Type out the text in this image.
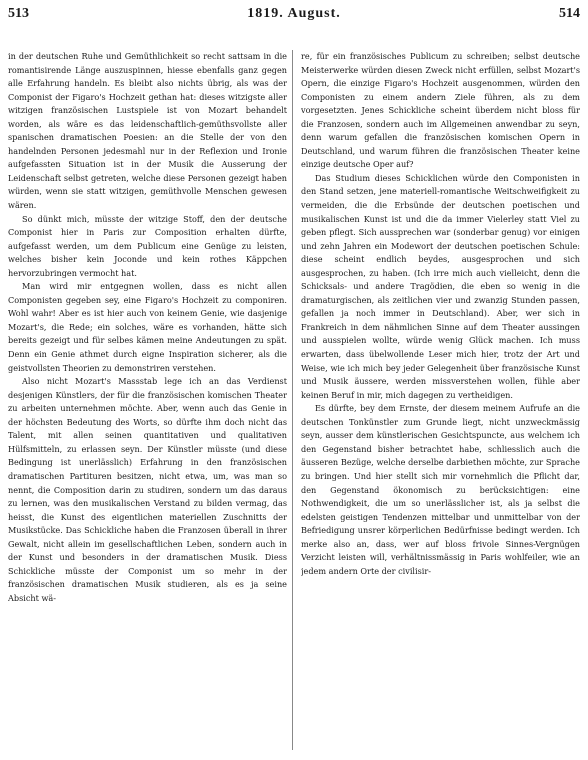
513	1819. August.	514

in der deutschen Ruhe und Gemüthlichkeit so recht sattsam in die romantisirende Länge auszuspinnen, hiesse ebenfalls ganz gegen alle Erfahrung handeln. Es bleibt also nichts übrig, als was der Componist der Figaro's Hochzeit gethan hat: dieses witzigste aller witzigen französischen Lustspiele ist von Mozart behandelt worden, als wäre es das leidenschaftlich-gemüthsvollste aller spanischen dramatischen Poesien: an die Stelle der von den handelnden Personen jedesmahl nur in der Reflexion und Ironie aufgefassten Situation ist in der Musik die Ausserung der Leidenschaft selbst getreten, welche diese Personen gezeigt haben würden, wenn sie statt witzigen, gemüthvolle Menschen gewesen wären.

So dünkt mich, müsste der witzige Stoff, den der deutsche Componist hier in Paris zur Composition erhalten dürfte, aufgefasst werden, um dem Publicum eine Genüge zu leisten, welches bisher kein Joconde und kein rothes Käppchen hervorzubringen vermocht hat.

Man wird mir entgegnen wollen, dass es nicht allen Componisten gegeben sey, eine Figaro's Hochzeit zu componiren. Wohl wahr! Aber es ist hier auch von keinem Genie, wie dasjenige Mozart's, die Rede; ein solches, wäre es vorhanden, hätte sich bereits gezeigt und für selbes kämen meine Andeutungen zu spät. Denn ein Genie athmet durch eigne Inspiration sicherer, als die geistvollsten Theorien zu demonstriren verstehen.

Also nicht Mozart's Massstab lege ich an das Verdienst desjenigen Künstlers, der für die französischen komischen Theater zu arbeiten unternehmen möchte. Aber, wenn auch das Genie in der höchsten Bedeutung des Worts, so dürfte ihm doch nicht das Talent, mit allen seinen quantitativen und qualitativen Hülfsmitteln, zu erlassen seyn. Der Künstler müsste (und diese Bedingung ist unerlässlich) Erfahrung in den französischen dramatischen Partituren besitzen, nicht etwa, um, was man so nennt, die Composition darin zu studiren, sondern um das daraus zu lernen, was den musikalischen Verstand zu bilden vermag, das heisst, die Kunst des eigentlichen materiellen Zuschnitts der Musikstücke. Das Schickliche haben die Franzosen überall in ihrer Gewalt, nicht allein im gesellschaftlichen Leben, sondern auch in der Kunst und besonders in der dramatischen Musik. Diess Schickliche müsste der Componist um so mehr in der französischen dramatischen Musik studieren, als es ja seine Absicht wä-

re, für ein französisches Publicum zu schreiben; selbst deutsche Meisterwerke würden diesen Zweck nicht erfüllen, selbst Mozart's Opern, die einzige Figaro's Hochzeit ausgenommen, würden den Componisten zu einem andern Ziele führen, als zu dem vorgesetzten. Jenes Schickliche scheint überdem nicht bloss für die Franzosen, sondern auch im Allgemeinen anwendbar zu seyn, denn warum gefallen die französischen komischen Opern in Deutschland, und warum führen die französischen Theater keine einzige deutsche Oper auf?

Das Studium dieses Schicklichen würde den Componisten in den Stand setzen, jene materiell-romantische Weitschweifigkeit zu vermeiden, die die Erbsünde der deutschen poetischen und musikalischen Kunst ist und die da immer Vielerley statt Viel zu geben pflegt. Sich aussprechen war (sonderbar genug) vor einigen und zehn Jahren ein Modewort der deutschen poetischen Schule: diese scheint endlich beydes, ausgesprochen und sich ausgesprochen, zu haben. (Ich irre mich auch vielleicht, denn die Schicksals- und andere Tragödien, die eben so wenig in die dramaturgischen, als zeitlichen vier und zwanzig Stunden passen, gefallen ja noch immer in Deutschland). Aber, wer sich in Frankreich in dem nähmlichen Sinne auf dem Theater aussingen und ausspielen wollte, würde wenig Glück machen. Ich muss erwarten, dass übelwollende Leser mich hier, trotz der Art und Weise, wie ich mich bey jeder Gelegenheit über französische Kunst und Musik äussere, werden missverstehen wollen, fühle aber keinen Beruf in mir, mich dagegen zu vertheidigen.

Es dürfte, bey dem Ernste, der diesem meinem Aufrufe an die deutschen Tonkünstler zum Grunde liegt, nicht unzweckmässig seyn, ausser dem künstlerischen Gesichtspuncte, aus welchem ich den Gegenstand bisher betrachtet habe, schliesslich auch die äusseren Bezüge, welche derselbe darbiethen möchte, zur Sprache zu bringen. Und hier stellt sich mir vornehmlich die Pflicht dar, den Gegenstand ökonomisch zu berücksichtigen: eine Nothwendigkeit, die um so unerlässlicher ist, als ja selbst die edelsten geistigen Tendenzen mittelbar und unmittelbar von der Befriedigung unsrer körperlichen Bedürfnisse bedingt werden. Ich merke also an, dass, wer auf bloss frivole Sinnes-Vergnügen Verzicht leisten will, verhältnissmässig in Paris wohlfeiler, wie an jedem andern Orte der civilisir-
